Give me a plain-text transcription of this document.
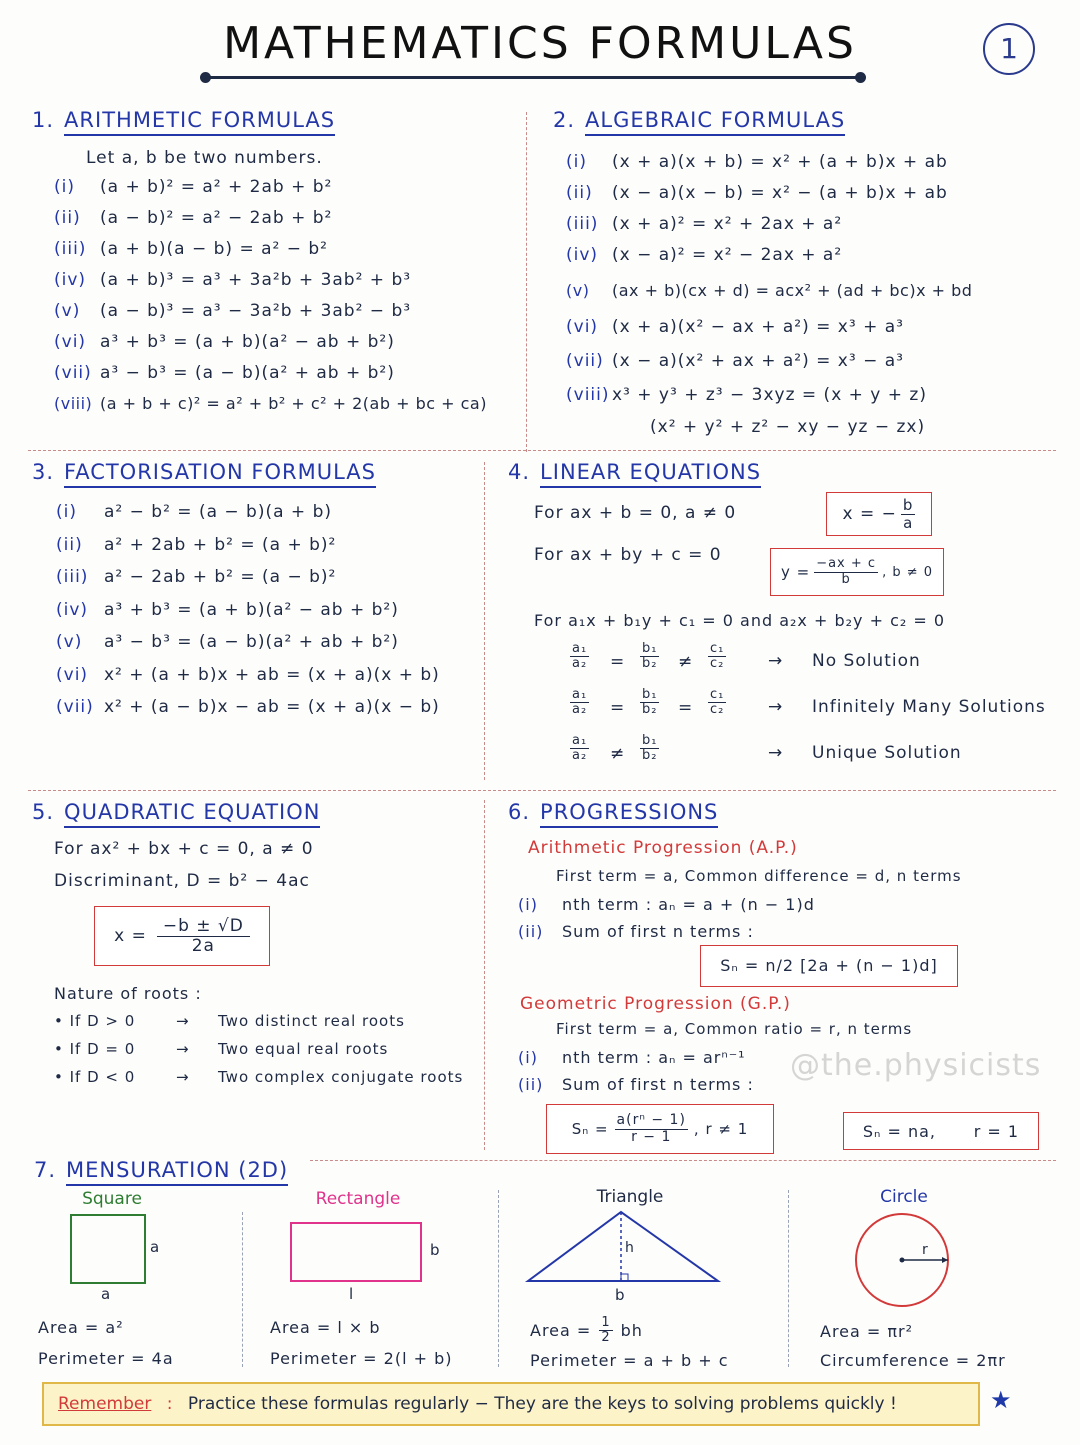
MATHEMATICS FORMULAS	1
1. ARITHMETIC FORMULAS
Let a, b be two numbers.
(i) (a + b)² = a² + 2ab + b²
(ii) (a − b)² = a² − 2ab + b²
(iii) (a + b)(a − b) = a² − b²
(iv) (a + b)³ = a³ + 3a²b + 3ab² + b³
(v) (a − b)³ = a³ − 3a²b + 3ab² − b³
(vi) a³ + b³ = (a + b)(a² − ab + b²)
(vii) a³ − b³ = (a − b)(a² + ab + b²)
(viii) (a + b + c)² = a² + b² + c² + 2(ab + bc + ca)
2. ALGEBRAIC FORMULAS
(i) (x + a)(x + b) = x² + (a + b)x + ab
(ii) (x − a)(x − b) = x² − (a + b)x + ab
(iii) (x + a)² = x² + 2ax + a²
(iv) (x − a)² = x² − 2ax + a²
(v) (ax + b)(cx + d) = acx² + (ad + bc)x + bd
(vi) (x + a)(x² − ax + a²) = x³ + a³
(vii) (x − a)(x² + ax + a²) = x³ − a³
(viii) x³ + y³ + z³ − 3xyz = (x + y + z)
(x² + y² + z² − xy − yz − zx)
3. FACTORISATION FORMULAS
(i) a² − b² = (a − b)(a + b)
(ii) a² + 2ab + b² = (a + b)²
(iii) a² − 2ab + b² = (a − b)²
(iv) a³ + b³ = (a + b)(a² − ab + b²)
(v) a³ − b³ = (a − b)(a² + ab + b²)
(vi) x² + (a + b)x + ab = (x + a)(x + b)
(vii) x² + (a − b)x − ab = (x + a)(x − b)
4. LINEAR EQUATIONS
For ax + b = 0, a ≠ 0	x = − $\frac{b}{a}$
For ax + by + c = 0
$y = \frac{-ax + c}{b}$ , b ≠ 0
For a₁x + b₁y + c₁ = 0 and a₂x + b₂y + c₂ = 0
$\frac{\text{a₁}}{\text{a₂}} = \frac{\text{b₁}}{\text{b₂}} \ne \frac{\text{c₁}}{\text{c₂}} \to No$ Solution
$\frac{\text{a₁}}{\text{a₂}} = \frac{\text{b₁}}{\text{b₂}} = \frac{\text{c₁}}{\text{c₂}}$ → Infinitely Many Solutions
$\frac{\text{a₁}}{\text{a₂}} \ne \frac{\text{b₁}}{\text{b₂}}$	→ Unique Solution
5. QUADRATIC EQUATION
For ax² + bx + c = 0, a ≠ 0
Discriminant, D = b² − 4ac
$x = \frac{-b \pm √D}{2a}$
Nature of roots :
• If D > 0	→ Two distinct real roots
• If D = 0	→ Two equal real roots
• If D < 0	→ Two complex conjugate roots
6. PROGRESSIONS
Arithmetic Progression (A.P.)
First term = a, Common difference = d, n terms
(i) nth term : aₙ = a + (n − 1)d
(ii) Sum of first n terms :
Sₙ = n/2 [2a + (n − 1)d]
Geometric Progression (G.P.)
First term = a, Common ratio = r, n terms
(i) nth term : aₙ = arⁿ⁻¹
(ii) Sum of first n terms :
$S_n = \frac{\text{a(rⁿ − 1)}}{r - 1}$ , r ≠ 1	Sₙ = na, r = 1
@the.physicists
7. MENSURATION (2D)
Square
a
a
Area = a²
Perimeter = 4a
Rectangle
b
l
Area = l × b
Perimeter = 2(l + b)
Triangle
h
b
Area = $\frac{1}{2}$ bh
Perimeter = a + b + c
Circle
r
Area = πr²
Circumference = 2πr
Remember : Practice these formulas regularly − They are the keys to solving problems quickly !	★
